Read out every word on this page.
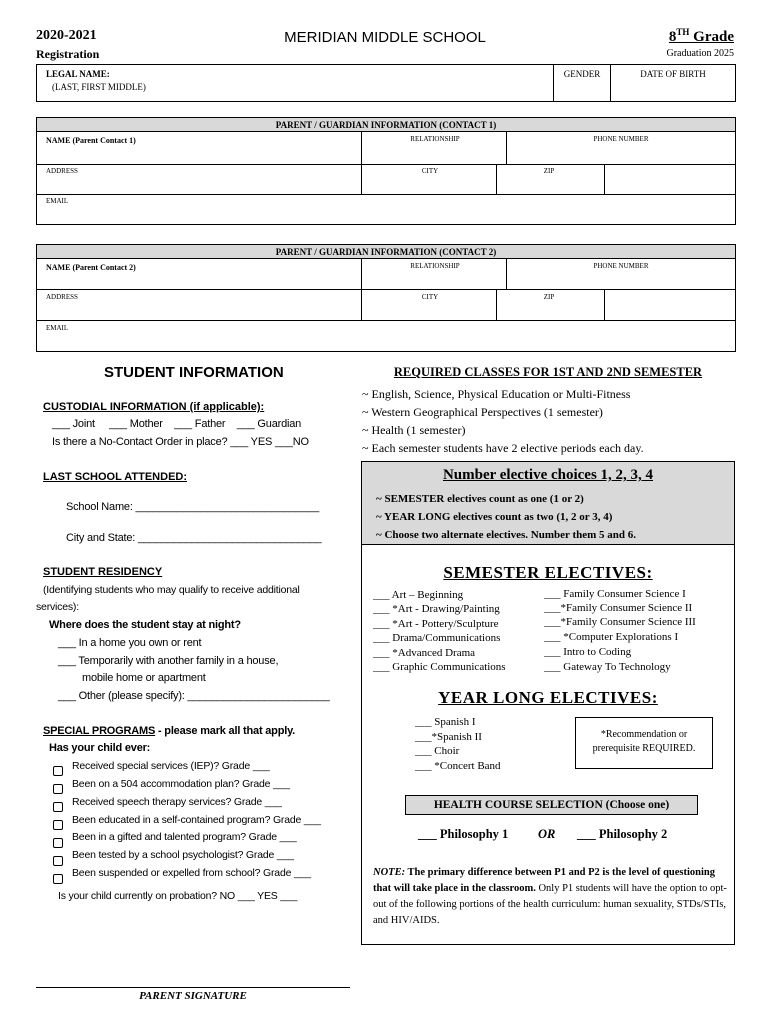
2020-2021
Registration
MERIDIAN MIDDLE SCHOOL	8TH Grade
Graduation 2025
LEGAL NAME:
(LAST, FIRST MIDDLE)
GENDER	DATE OF BIRTH
PARENT / GUARDIAN INFORMATION (CONTACT 1)
NAME (Parent Contact 1)	RELATIONSHIP	PHONE NUMBER
ADDRESS	CITY	ZIP
EMAIL
PARENT / GUARDIAN INFORMATION (CONTACT 2)
NAME (Parent Contact 2)	RELATIONSHIP	PHONE NUMBER
ADDRESS	CITY	ZIP
EMAIL
STUDENT INFORMATION
CUSTODIAL INFORMATION (if applicable):
___ Joint     ___ Mother    ___ Father    ___ Guardian
Is there a No-Contact Order in place? ___ YES ___NO
LAST SCHOOL ATTENDED:
School Name: _______________________________
City and State: _______________________________
STUDENT RESIDENCY
(Identifying students who may qualify to receive additional
services):
Where does the student stay at night?
___ In a home you own or rent
___ Temporarily with another family in a house,
mobile home or apartment
___ Other (please specify): ________________________
SPECIAL PROGRAMS - please mark all that apply.
Has your child ever:
Received special services (IEP)? Grade ___
Been on a 504 accommodation plan? Grade ___
Received speech therapy services? Grade ___
Been educated in a self-contained program? Grade ___
Been in a gifted and talented program? Grade ___
Been tested by a school psychologist? Grade ___
Been suspended or expelled from school? Grade ___
Is your child currently on probation? NO ___ YES ___
PARENT SIGNATURE
REQUIRED CLASSES FOR 1ST AND 2ND SEMESTER
~ English, Science, Physical Education or Multi-Fitness
~ Western Geographical Perspectives (1 semester)
~ Health (1 semester)
~ Each semester students have 2 elective periods each day.
Number elective choices 1, 2, 3, 4
~ SEMESTER electives count as one (1 or 2)
~ YEAR LONG electives count as two (1, 2 or 3, 4)
~ Choose two alternate electives. Number them 5 and 6.
SEMESTER ELECTIVES:
___ Art – Beginning
___ *Art - Drawing/Painting
___ *Art - Pottery/Sculpture
___ Drama/Communications
___ *Advanced Drama
___ Graphic Communications
___ Family Consumer Science I
___*Family Consumer Science II
___*Family Consumer Science III
___ *Computer Explorations I
___ Intro to Coding
___ Gateway To Technology
YEAR LONG ELECTIVES:
___ Spanish I
___*Spanish II
___ Choir
___ *Concert Band
*Recommendation or
prerequisite REQUIRED.
HEALTH COURSE SELECTION (Choose one)
___ Philosophy 1 OR ___ Philosophy 2
NOTE: The primary difference between P1 and P2 is the level of questioning that will take place in the classroom. Only P1 students will have the option to opt-out of the following portions of the health curriculum: human sexuality, STDs/STIs, and HIV/AIDS.
